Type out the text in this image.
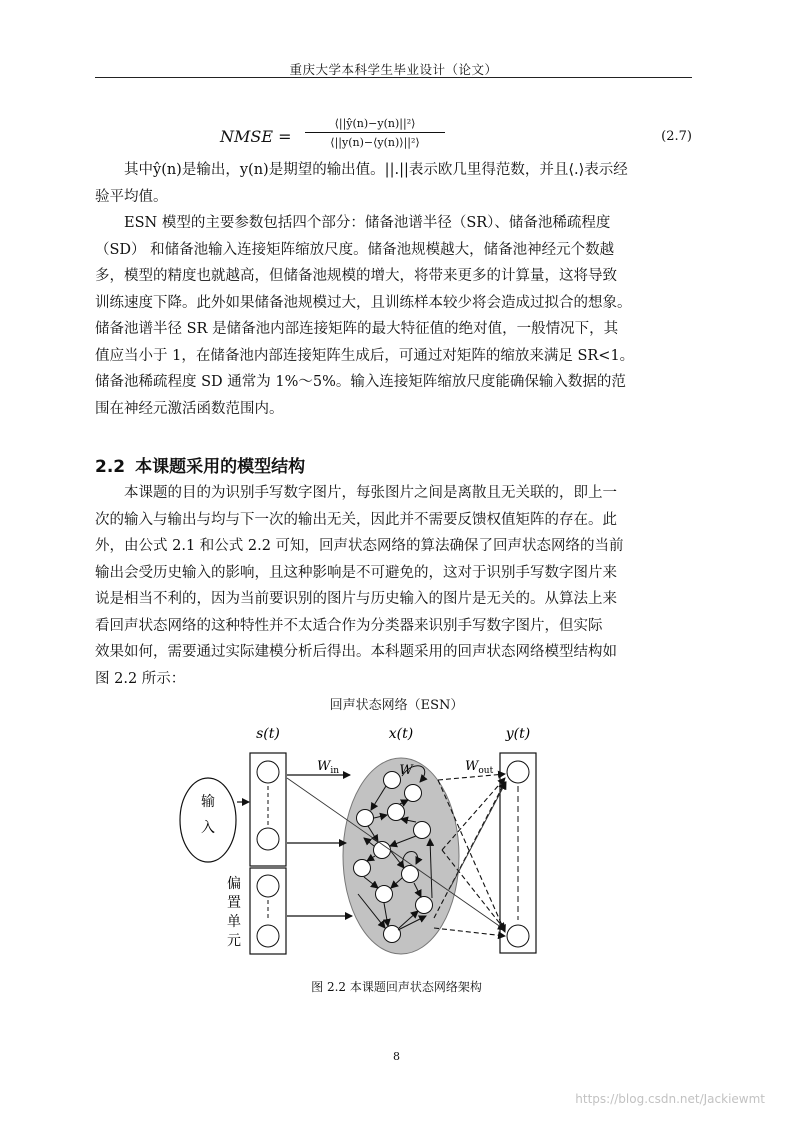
重庆大学本科学生毕业设计（论文）
NMSE =
⟨||ŷ(n)−y(n)||²⟩
⟨||y(n)−⟨y(n)⟩||²⟩	(2.7)
其中ŷ(n)是输出，y(n)是期望的输出值。||.||表示欧几里得范数，并且⟨.⟩表示经
验平均值。
ESN 模型的主要参数包括四个部分：储备池谱半径（SR）、储备池稀疏程度
（SD） 和储备池输入连接矩阵缩放尺度。储备池规模越大，储备池神经元个数越
多，模型的精度也就越高，但储备池规模的增大，将带来更多的计算量，这将导致
训练速度下降。此外如果储备池规模过大，且训练样本较少将会造成过拟合的想象。
储备池谱半径 SR 是储备池内部连接矩阵的最大特征值的绝对值，一般情况下，其
值应当小于 1，在储备池内部连接矩阵生成后，可通过对矩阵的缩放来满足 SR<1。
储备池稀疏程度 SD 通常为 1%～5%。输入连接矩阵缩放尺度能确保输入数据的范
围在神经元激活函数范围内。
2.2 本课题采用的模型结构
本课题的目的为识别手写数字图片，每张图片之间是离散且无关联的，即上一
次的输入与输出与均与下一次的输出无关，因此并不需要反馈权值矩阵的存在。此
外，由公式 2.1 和公式 2.2 可知，回声状态网络的算法确保了回声状态网络的当前
输出会受历史输入的影响，且这种影响是不可避免的，这对于识别手写数字图片来
说是相当不利的，因为当前要识别的图片与历史输入的图片是无关的。从算法上来
看回声状态网络的这种特性并不太适合作为分类器来识别手写数字图片，但实际
效果如何，需要通过实际建模分析后得出。本科题采用的回声状态网络模型结构如
图 2.2 所示：
回声状态网络（ESN）
s(t)	x(t)	y(t)
输
入
偏
置
单
元
W
$W_{in}$	$W_{out}$
图 2.2 本课题回声状态网络架构
8
https://blog.csdn.net/Jackiewmt
